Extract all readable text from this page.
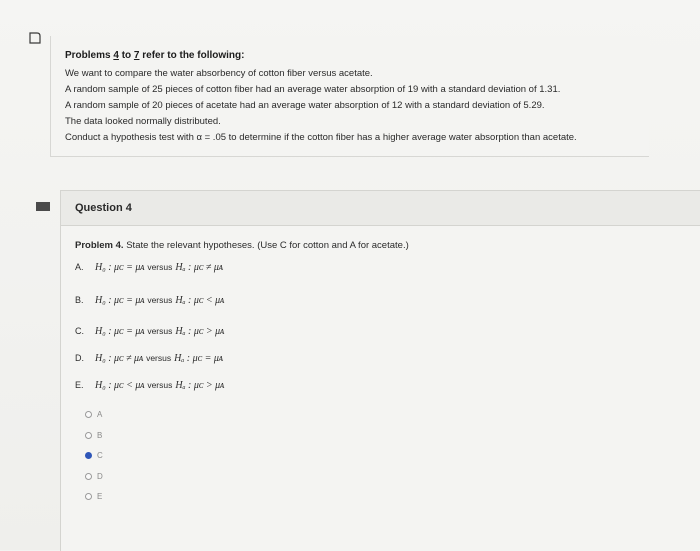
Problems 4 to 7 refer to the following:
We want to compare the water absorbency of cotton fiber versus acetate.
A random sample of 25 pieces of cotton fiber had an average water absorption of 19 with a standard deviation of 1.31.
A random sample of 20 pieces of acetate had an average water absorption of 12 with a standard deviation of 5.29.
The data looked normally distributed.
Conduct a hypothesis test with α = .05 to determine if the cotton fiber has a higher average water absorption than acetate.
Question 4
Problem 4. State the relevant hypotheses. (Use C for cotton and A for acetate.)
A.	H₀ : μᴄ = μᴀ versus Hₐ : μᴄ ≠ μᴀ
B.	H₀ : μᴄ = μᴀ versus Hₐ : μᴄ < μᴀ
C.	H₀ : μᴄ = μᴀ versus Hₐ : μᴄ > μᴀ
D.	H₀ : μᴄ ≠ μᴀ versus Hₐ : μᴄ = μᴀ
E.	H₀ : μᴄ < μᴀ versus Hₐ : μᴄ > μᴀ
A
B
C
D
E
